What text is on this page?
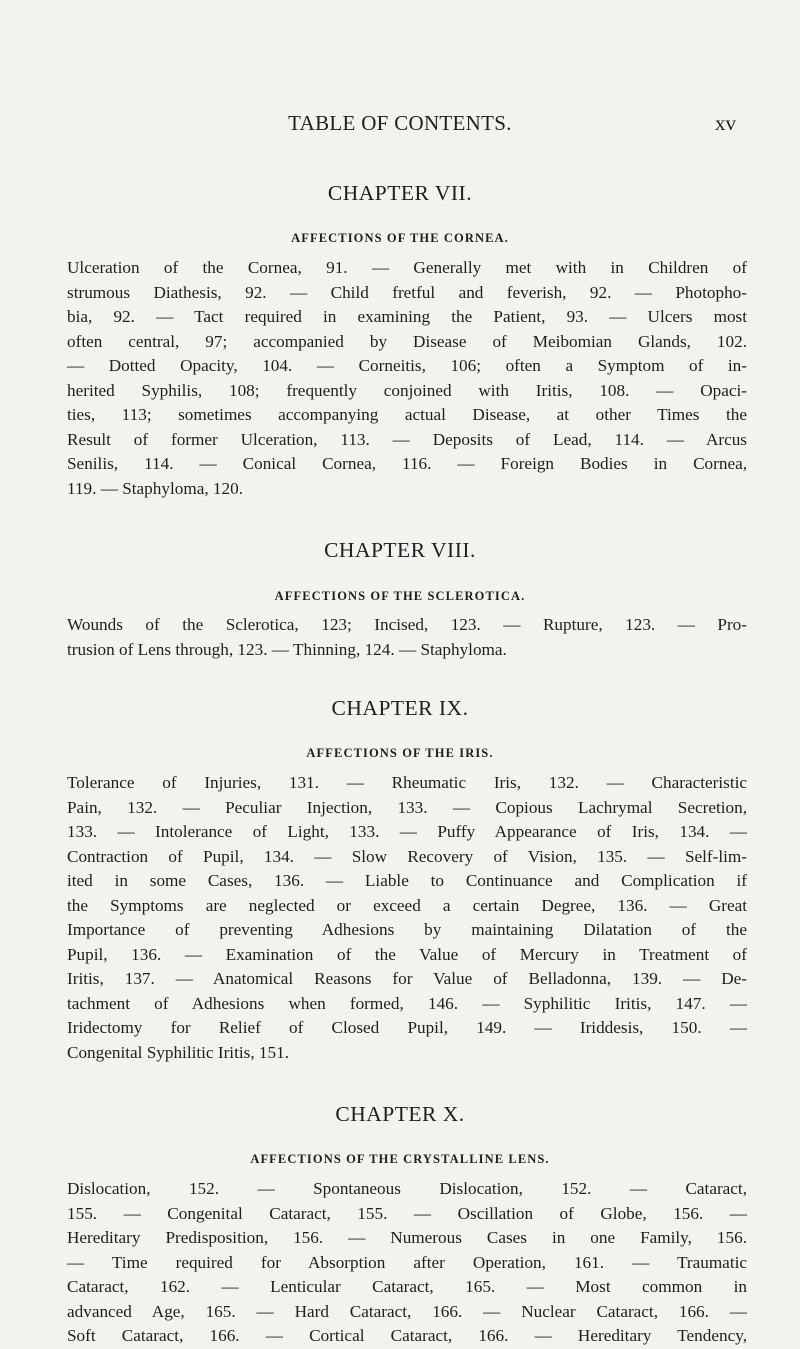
TABLE OF CONTENTS.	xv
CHAPTER VII.
AFFECTIONS OF THE CORNEA.
Ulceration of the Cornea, 91. — Generally met with in Children of
strumous Diathesis, 92. — Child fretful and feverish, 92. — Photopho-
bia, 92. — Tact required in examining the Patient, 93. — Ulcers most
often central, 97; accompanied by Disease of Meibomian Glands, 102.
— Dotted Opacity, 104. — Corneitis, 106; often a Symptom of in-
herited Syphilis, 108; frequently conjoined with Iritis, 108. — Opaci-
ties, 113; sometimes accompanying actual Disease, at other Times the
Result of former Ulceration, 113. — Deposits of Lead, 114. — Arcus
Senilis, 114. — Conical Cornea, 116. — Foreign Bodies in Cornea,
119. — Staphyloma, 120.
CHAPTER VIII.
AFFECTIONS OF THE SCLEROTICA.
Wounds of the Sclerotica, 123; Incised, 123. — Rupture, 123. — Pro-
trusion of Lens through, 123. — Thinning, 124. — Staphyloma.
CHAPTER IX.
AFFECTIONS OF THE IRIS.
Tolerance of Injuries, 131. — Rheumatic Iris, 132. — Characteristic
Pain, 132. — Peculiar Injection, 133. — Copious Lachrymal Secretion,
133. — Intolerance of Light, 133. — Puffy Appearance of Iris, 134. —
Contraction of Pupil, 134. — Slow Recovery of Vision, 135. — Self-lim-
ited in some Cases, 136. — Liable to Continuance and Complication if
the Symptoms are neglected or exceed a certain Degree, 136. — Great
Importance of preventing Adhesions by maintaining Dilatation of the
Pupil, 136. — Examination of the Value of Mercury in Treatment of
Iritis, 137. — Anatomical Reasons for Value of Belladonna, 139. — De-
tachment of Adhesions when formed, 146. — Syphilitic Iritis, 147. —
Iridectomy for Relief of Closed Pupil, 149. — Iriddesis, 150. —
Congenital Syphilitic Iritis, 151.
CHAPTER X.
AFFECTIONS OF THE CRYSTALLINE LENS.
Dislocation, 152. — Spontaneous Dislocation, 152. — Cataract,
155. — Congenital Cataract, 155. — Oscillation of Globe, 156. —
Hereditary Predisposition, 156. — Numerous Cases in one Family, 156.
— Time required for Absorption after Operation, 161. — Traumatic
Cataract, 162. — Lenticular Cataract, 165. — Most common in
advanced Age, 165. — Hard Cataract, 166. — Nuclear Cataract, 166. —
Soft Cataract, 166. — Cortical Cataract, 166. — Hereditary Tendency,
